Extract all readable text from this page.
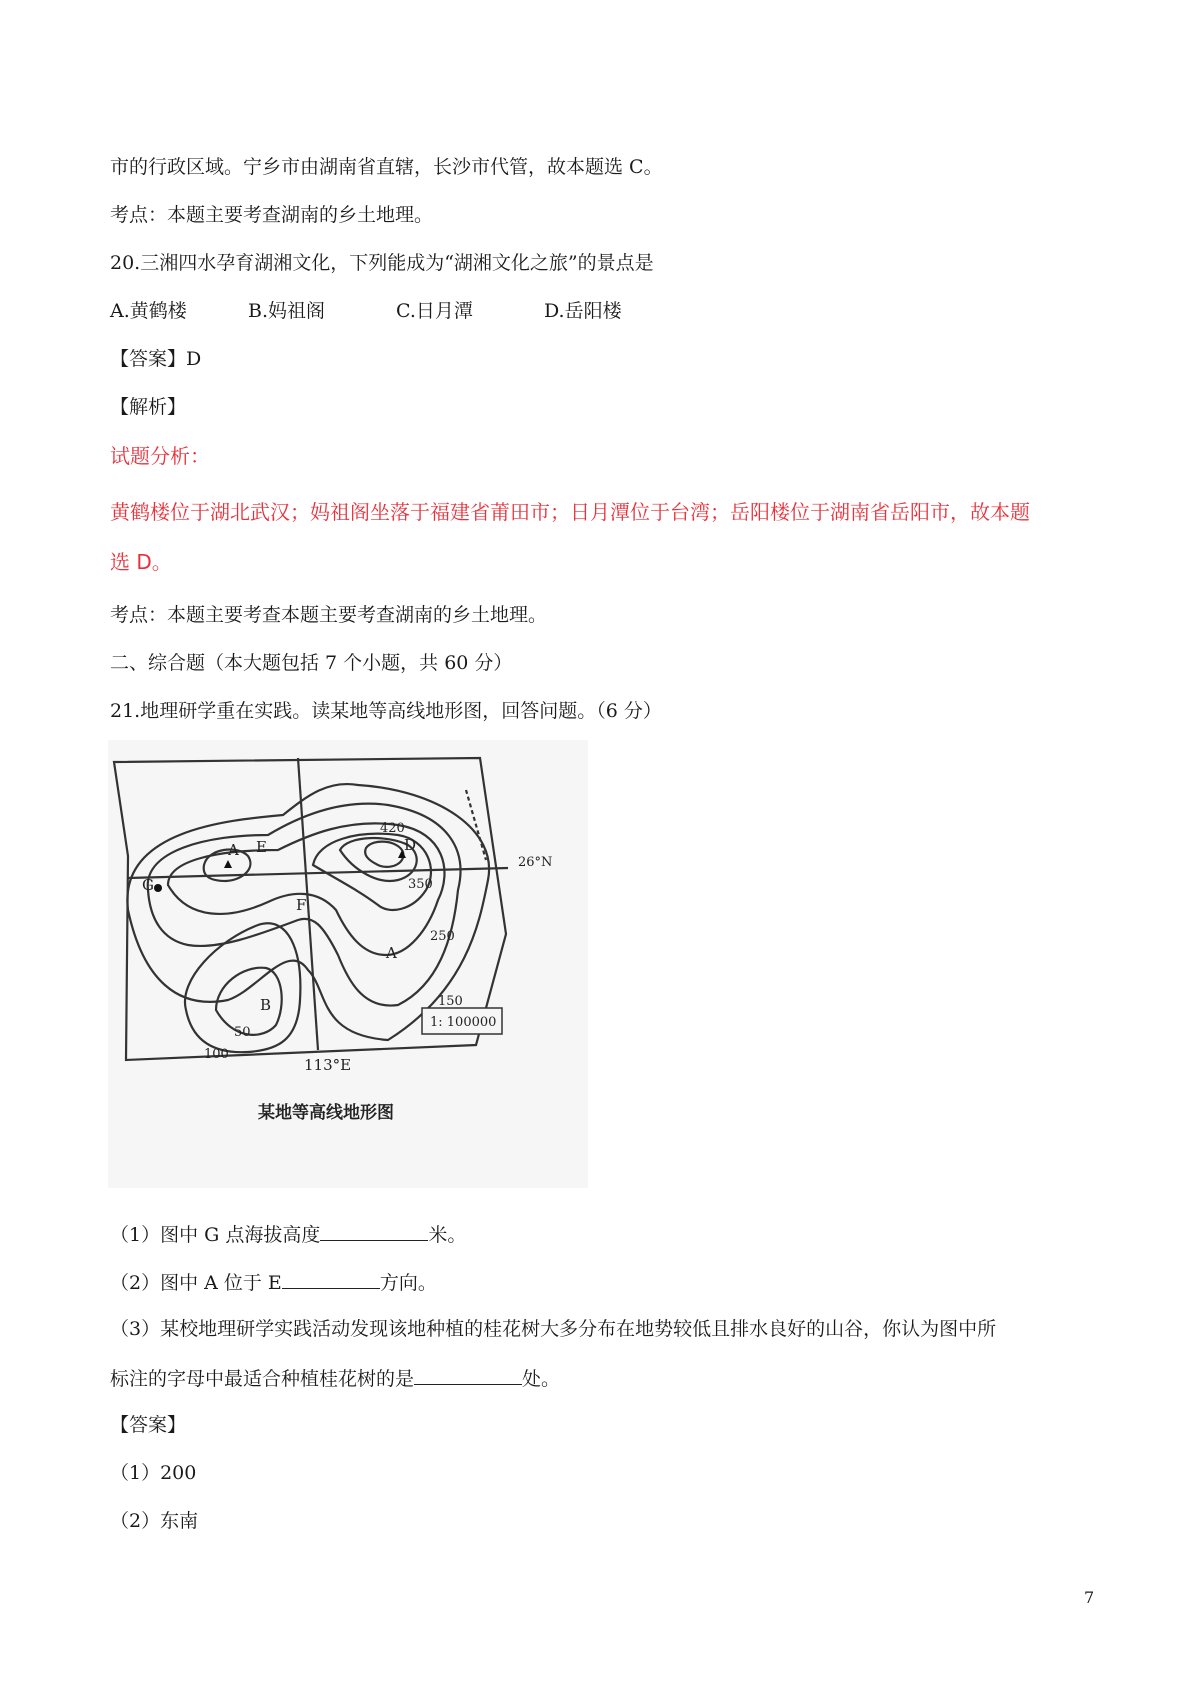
市的行政区域。宁乡市由湖南省直辖，长沙市代管，故本题选 C。
考点：本题主要考查湖南的乡土地理。
20.三湘四水孕育湖湘文化，下列能成为“湖湘文化之旅”的景点是
A.黄鹤楼	B.妈祖阁	C.日月潭	D.岳阳楼
【答案】D
【解析】
试题分析：
黄鹤楼位于湖北武汉；妈祖阁坐落于福建省莆田市；日月潭位于台湾；岳阳楼位于湖南省岳阳市，故本题
选 D。
考点：本题主要考查本题主要考查湖南的乡土地理。
二、综合题（本大题包括 7 个小题，共 60 分）
21.地理研学重在实践。读某地等高线地形图，回答问题。（6 分）
A
A
B
D
E
F
G
26°N
113°E
1: 100000
420
350
250
150
100
50
某地等高线地形图
（1）图中 G 点海拔高度	米。
（2）图中 A 位于 E	方向。
（3）某校地理研学实践活动发现该地种植的桂花树大多分布在地势较低且排水良好的山谷，你认为图中所
标注的字母中最适合种植桂花树的是	处。
【答案】
（1）200
（2）东南
7
